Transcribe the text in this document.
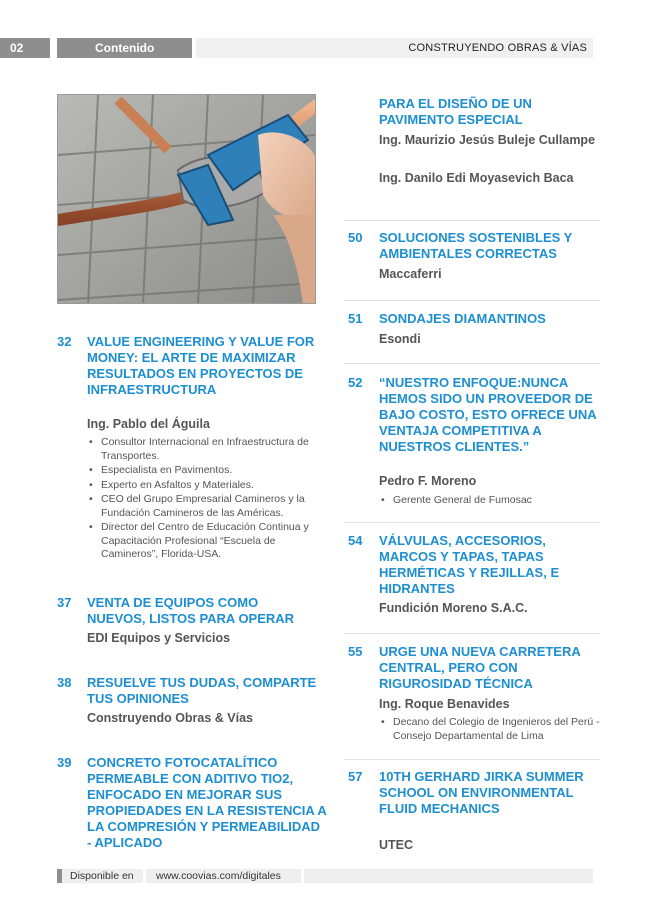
02	Contenido	CONSTRUYENDO OBRAS & VÍAS
32 VALUE ENGINEERING Y VALUE FOR MONEY: EL ARTE DE MAXIMIZAR RESULTADOS EN PROYECTOS DE INFRAESTRUCTURA
Ing. Pablo del Águila
• Consultor Internacional en Infraestructura de Transportes.
• Especialista en Pavimentos.
• Experto en Asfaltos y Materiales.
• CEO del Grupo Empresarial Camineros y la Fundación Camineros de las Américas.
• Director del Centro de Educación Continua y Capacitación Profesional “Escuela de Camineros”, Florida-USA.
37 VENTA DE EQUIPOS COMO NUEVOS, LISTOS PARA OPERAR
EDI Equipos y Servicios
38 RESUELVE TUS DUDAS, COMPARTE TUS OPINIONES
Construyendo Obras & Vías
39 CONCRETO FOTOCATALÍTICO PERMEABLE CON ADITIVO TIO2, ENFOCADO EN MEJORAR SUS PROPIEDADES EN LA RESISTENCIA A LA COMPRESIÓN Y PERMEABILIDAD - APLICADO
PARA EL DISEÑO DE UN PAVIMENTO ESPECIAL
Ing. Maurizio Jesús Buleje Cullampe
Ing. Danilo Edi Moyasevich Baca
50 SOLUCIONES SOSTENIBLES Y AMBIENTALES CORRECTAS
Maccaferri
51 SONDAJES DIAMANTINOS
Esondi
52 “NUESTRO ENFOQUE:NUNCA HEMOS SIDO UN PROVEEDOR DE BAJO COSTO, ESTO OFRECE UNA VENTAJA COMPETITIVA A NUESTROS CLIENTES.”
Pedro F. Moreno
• Gerente General de Fumosac
54 VÁLVULAS, ACCESORIOS, MARCOS Y TAPAS, TAPAS HERMÉTICAS Y REJILLAS, E HIDRANTES
Fundición Moreno S.A.C.
55 URGE UNA NUEVA CARRETERA CENTRAL, PERO CON RIGUROSIDAD TÉCNICA
Ing. Roque Benavides
• Decano del Colegio de Ingenieros del Perú - Consejo Departamental de Lima
57 10TH GERHARD JIRKA SUMMER SCHOOL ON ENVIRONMENTAL FLUID MECHANICS
UTEC
Disponible en	www.coovias.com/digitales
